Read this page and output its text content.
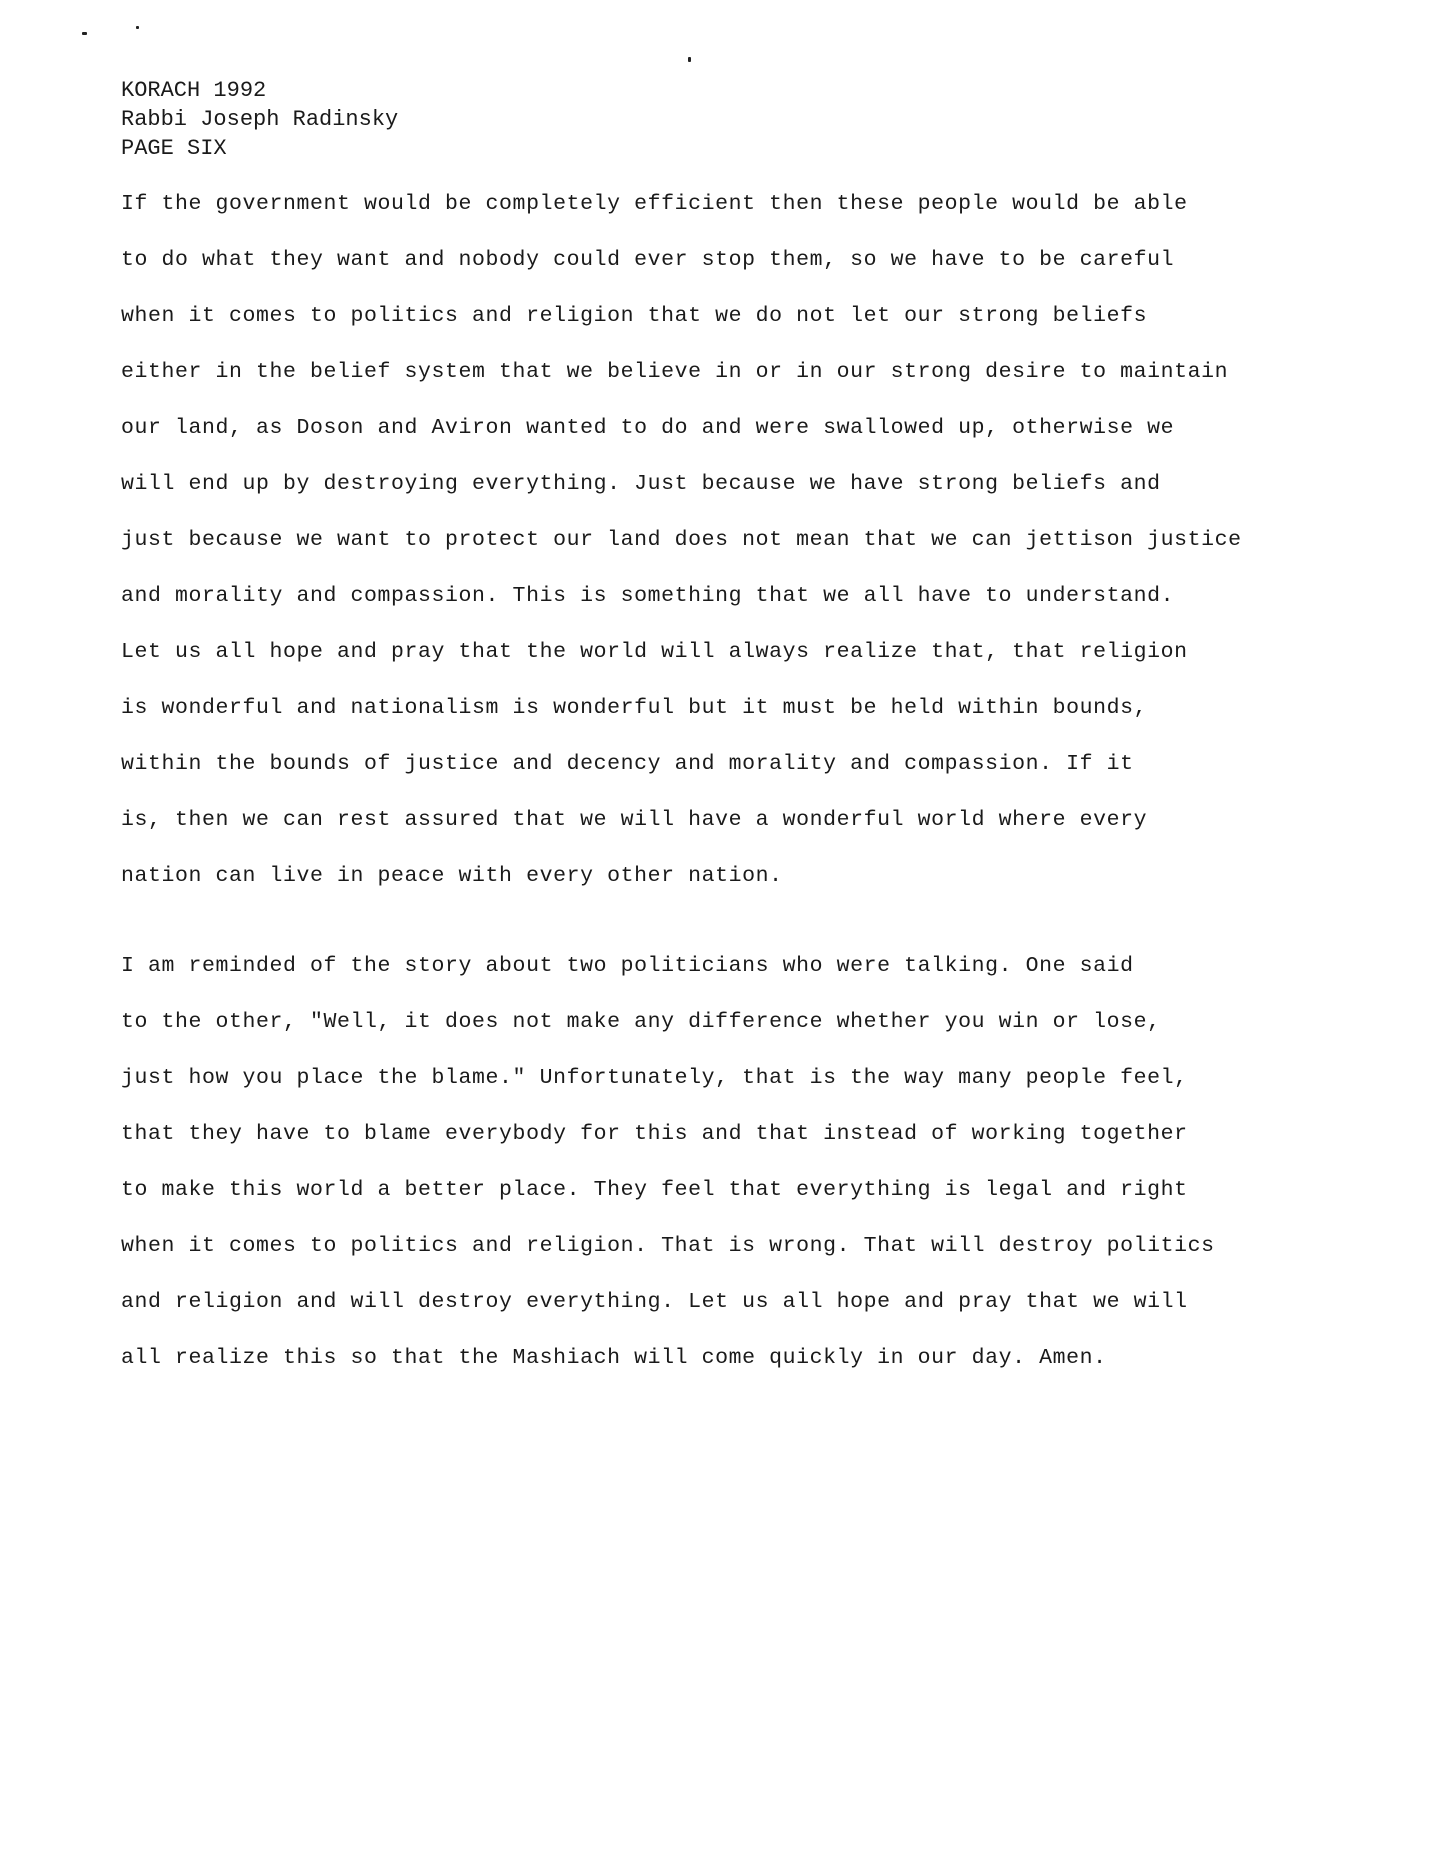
KORACH 1992
Rabbi Joseph Radinsky
PAGE SIX
If the government would be completely efficient then these people would be able
to do what they want and nobody could ever stop them, so we have to be careful
when it comes to politics and religion that we do not let our strong beliefs
either in the belief system that we believe in or in our strong desire to maintain
our land, as Doson and Aviron wanted to do and were swallowed up, otherwise we
will end up by destroying everything. Just because we have strong beliefs and
just because we want to protect our land does not mean that we can jettison justice
and morality and compassion. This is something that we all have to understand.
Let us all hope and pray that the world will always realize that, that religion
is wonderful and nationalism is wonderful but it must be held within bounds,
within the bounds of justice and decency and morality and compassion. If it
is, then we can rest assured that we will have a wonderful world where every
nation can live in peace with every other nation.
I am reminded of the story about two politicians who were talking. One said
to the other, "Well, it does not make any difference whether you win or lose,
just how you place the blame." Unfortunately, that is the way many people feel,
that they have to blame everybody for this and that instead of working together
to make this world a better place. They feel that everything is legal and right
when it comes to politics and religion. That is wrong. That will destroy politics
and religion and will destroy everything. Let us all hope and pray that we will
all realize this so that the Mashiach will come quickly in our day. Amen.
